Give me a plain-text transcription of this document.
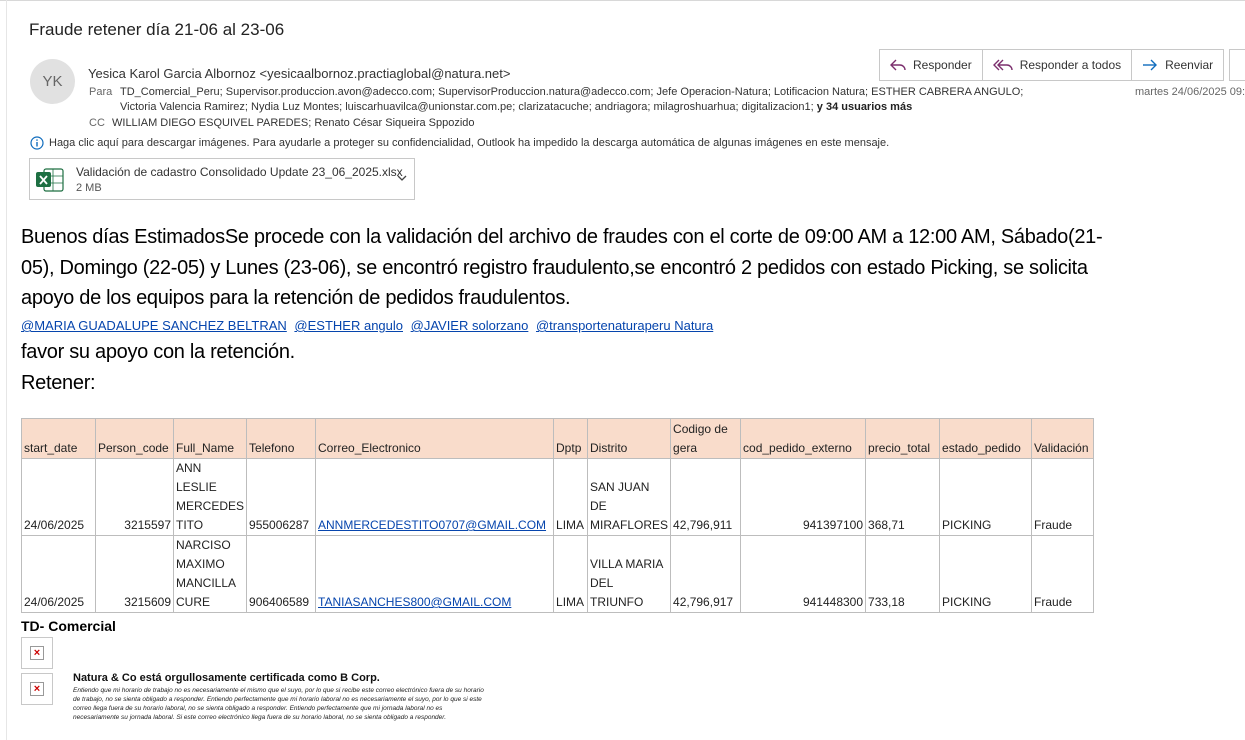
Fraude retener día 21-06 al 23-06
YK	Yesica Karol Garcia Albornoz <yesicaalbornoz.practiaglobal@natura.net>
Para TD_Comercial_Peru; Supervisor.produccion.avon@adecco.com; SupervisorProduccion.natura@adecco.com; Jefe Operacion-Natura; Lotificacion Natura; ESTHER CABRERA ANGULO;
Victoria Valencia Ramirez; Nydia Luz Montes; luiscarhuavilca@unionstar.com.pe; clarizatacuche; andriagora; milagroshuarhua; digitalizacion1; y 34 usuarios más
CC WILLIAM DIEGO ESQUIVEL PAREDES; Renato César Siqueira Sppozido
martes 24/06/2025 09:
Responder	Responder a todos	Reenviar
Haga clic aquí para descargar imágenes. Para ayudarle a proteger su confidencialidad, Outlook ha impedido la descarga automática de algunas imágenes en este mensaje.
Validación de cadastro Consolidado Update 23_06_2025.xlsx
2 MB
Buenos días EstimadosSe procede con la validación del archivo de fraudes con el corte de 09:00 AM a 12:00 AM, Sábado(21-
05), Domingo (22-05) y Lunes (23-06), se encontró registro fraudulento,se encontró 2 pedidos con estado Picking, se solicita
apoyo de los equipos para la retención de pedidos fraudulentos.
@MARIA GUADALUPE SANCHEZ BELTRAN @ESTHER angulo @JAVIER solorzano @transportenaturaperu Natura
favor su apoyo con la retención.
Retener:
start_date	Person_code	Full_Name	Telefono	Correo_Electronico	Dptp	Distrito	Codigo de gera	cod_pedido_externo	precio_total	estado_pedido	Validación
24/06/2025	3215597	ANN LESLIE MERCEDES TITO	955006287	ANNMERCEDESTITO0707@GMAIL.COM	LIMA	SAN JUAN DE MIRAFLORES	42,796,911	941397100	368,71	PICKING	Fraude
24/06/2025	3215609	NARCISO MAXIMO MANCILLA CURE	906406589	TANIASANCHES800@GMAIL.COM	LIMA	VILLA MARIA DEL TRIUNFO	42,796,917	941448300	733,18	PICKING	Fraude
TD- Comercial
×
×
Natura & Co está orgullosamente certificada como B Corp.
Entiendo que mi horario de trabajo no es necesariamente el mismo que el suyo, por lo que si recibe este correo electrónico fuera de su horario de trabajo, no se sienta obligado a responder. Entiendo perfectamente que mi horario laboral no es necesariamente el suyo, por lo que si este correo llega fuera de su horario laboral, no se sienta obligado a responder. Entiendo perfectamente que mi jornada laboral no es necesariamente su jornada laboral. Si este correo electrónico llega fuera de su horario laboral, no se sienta obligado a responder.
